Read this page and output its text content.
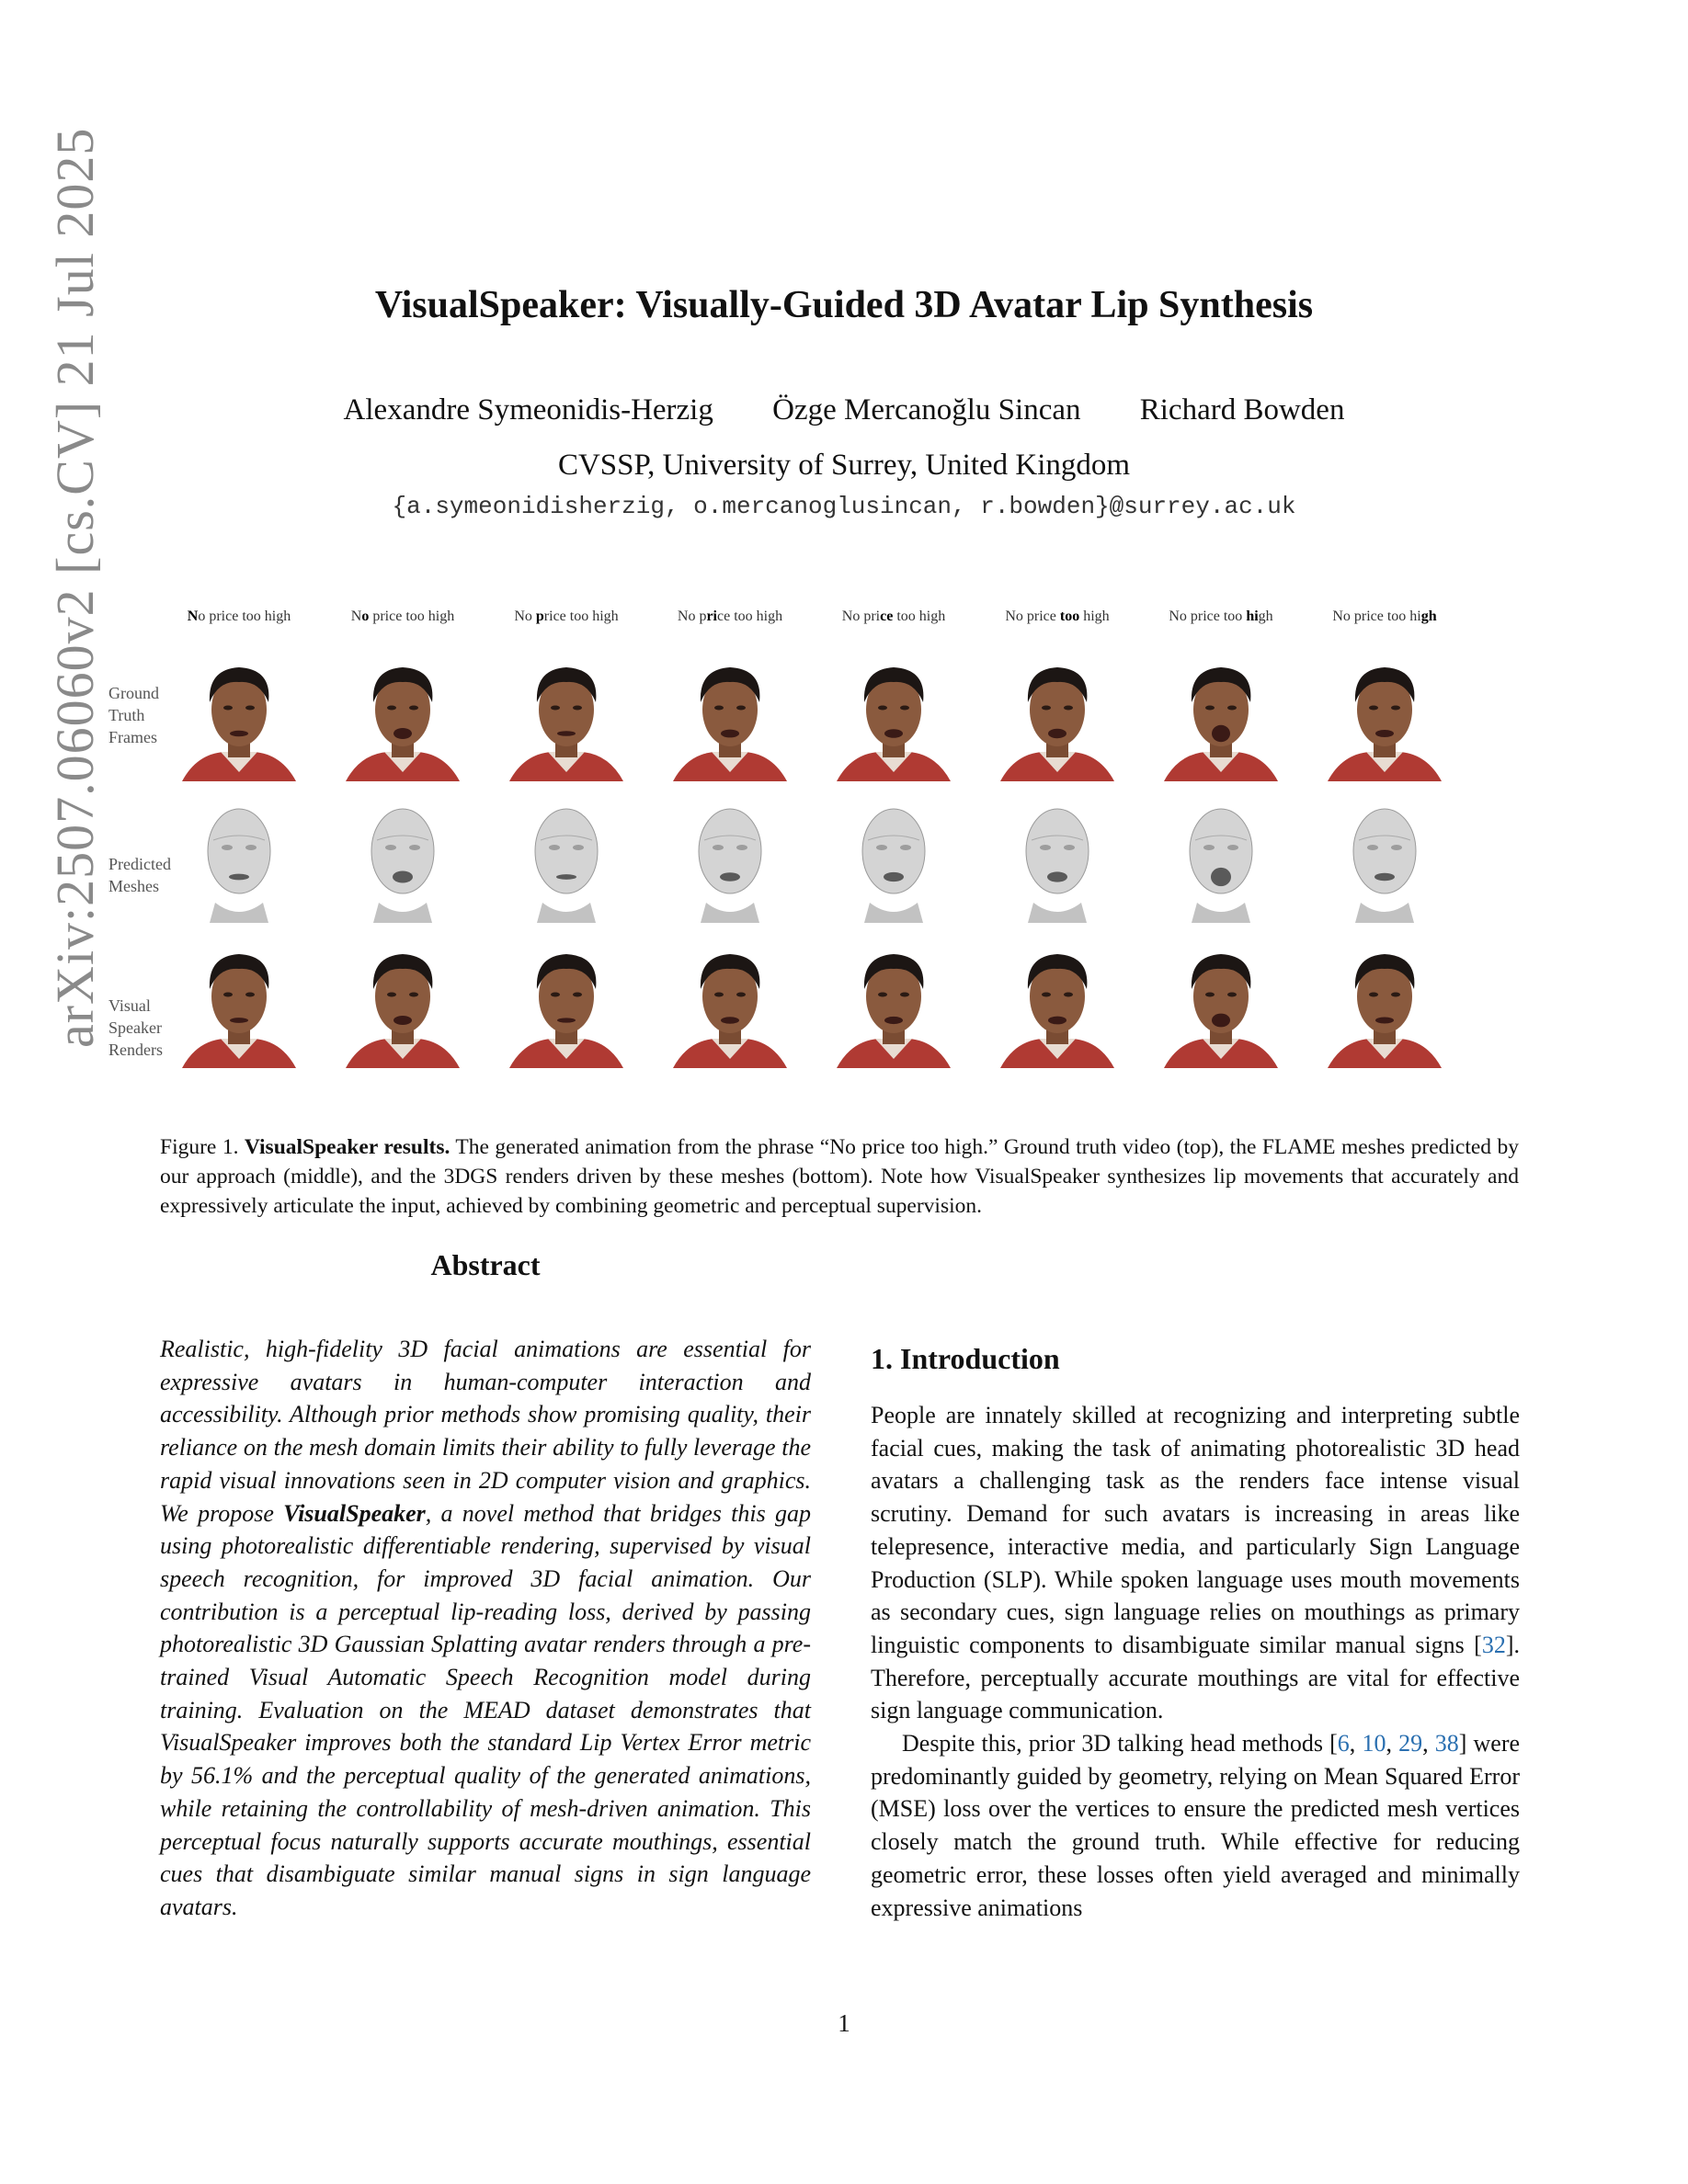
arXiv:2507.06060v2 [cs.CV] 21 Jul 2025	VisualSpeaker: Visually-Guided 3D Avatar Lip Synthesis
Alexandre Symeonidis-Herzig Özge Mercanoğlu Sincan Richard Bowden
CVSSP, University of Surrey, United Kingdom
{a.symeonidisherzig, o.mercanoglusincan, r.bowden}@surrey.ac.uk
No price too high	No price too high	No price too high	No price too high	No price too high	No price too high	No price too high	No price too high
Ground
Truth
Frames
Predicted
Meshes
Visual
Speaker
Renders
Figure 1. VisualSpeaker results. The generated animation from the phrase “No price too high.” Ground truth video (top), the FLAME meshes predicted by our approach (middle), and the 3DGS renders driven by these meshes (bottom). Note how VisualSpeaker synthesizes lip movements that accurately and expressively articulate the input, achieved by combining geometric and perceptual supervision.
Abstract
Realistic, high-fidelity 3D facial animations are essential for expressive avatars in human-computer interaction and accessibility. Although prior methods show promising quality, their reliance on the mesh domain limits their ability to fully leverage the rapid visual innovations seen in 2D computer vision and graphics. We propose VisualSpeaker, a novel method that bridges this gap using photorealistic differentiable rendering, supervised by visual speech recognition, for improved 3D facial animation. Our contribution is a perceptual lip-reading loss, derived by passing photorealistic 3D Gaussian Splatting avatar renders through a pre-trained Visual Automatic Speech Recognition model during training. Evaluation on the MEAD dataset demonstrates that VisualSpeaker improves both the standard Lip Vertex Error metric by 56.1% and the perceptual quality of the generated animations, while retaining the controllability of mesh-driven animation. This perceptual focus naturally supports accurate mouthings, essential cues that disambiguate similar manual signs in sign language avatars.
1. Introduction

People are innately skilled at recognizing and interpreting subtle facial cues, making the task of animating photorealistic 3D head avatars a challenging task as the renders face intense visual scrutiny. Demand for such avatars is increasing in areas like telepresence, interactive media, and particularly Sign Language Production (SLP). While spoken language uses mouth movements as secondary cues, sign language relies on mouthings as primary linguistic components to disambiguate similar manual signs [32]. Therefore, perceptually accurate mouthings are vital for effective sign language communication.

Despite this, prior 3D talking head methods [6, 10, 29, 38] were predominantly guided by geometry, relying on Mean Squared Error (MSE) loss over the vertices to ensure the predicted mesh vertices closely match the ground truth. While effective for reducing geometric error, these losses often yield averaged and minimally expressive animations

1
